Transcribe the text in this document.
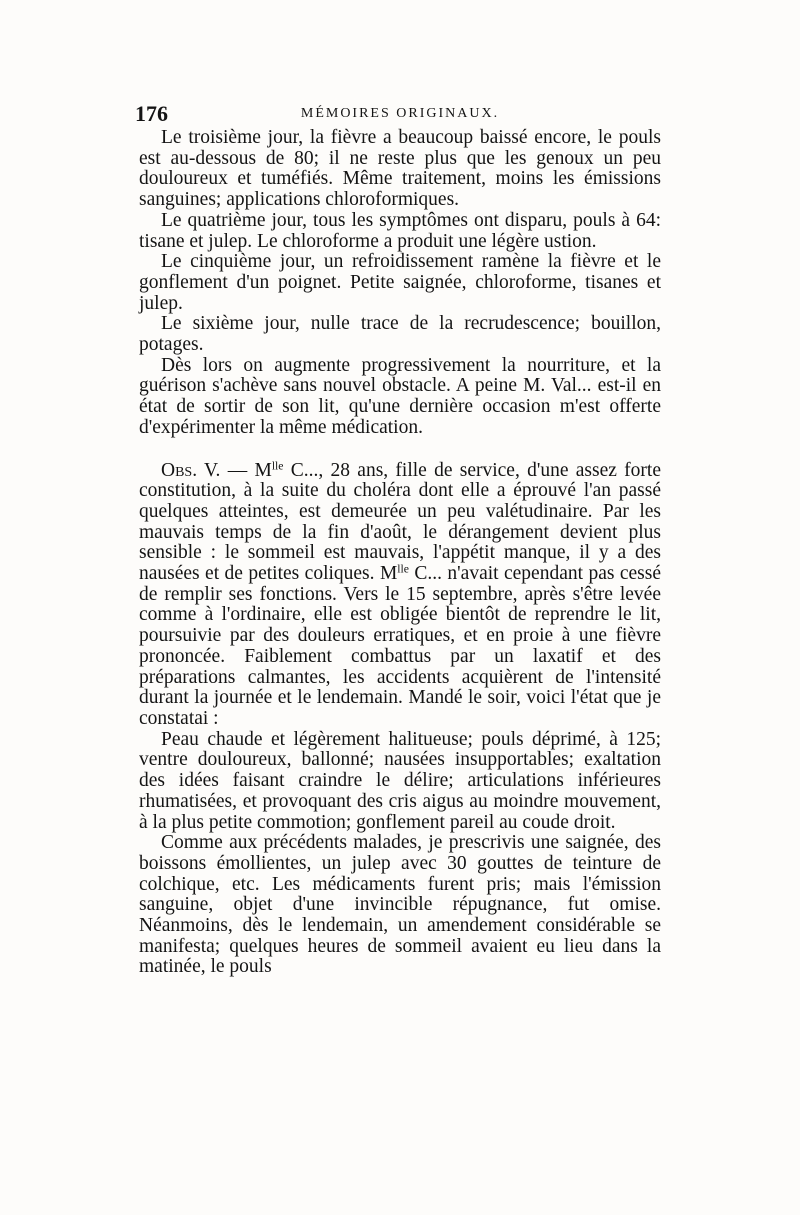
176	MÉMOIRES ORIGINAUX.

Le troisième jour, la fièvre a beaucoup baissé encore, le pouls est au-dessous de 80; il ne reste plus que les genoux un peu douloureux et tuméfiés. Même traitement, moins les émissions sanguines; applications chloroformiques.

Le quatrième jour, tous les symptômes ont disparu, pouls à 64: tisane et julep. Le chloroforme a produit une légère ustion.

Le cinquième jour, un refroidissement ramène la fièvre et le gonflement d'un poignet. Petite saignée, chloroforme, tisanes et julep.

Le sixième jour, nulle trace de la recrudescence; bouillon, potages.

Dès lors on augmente progressivement la nourriture, et la guérison s'achève sans nouvel obstacle. A peine M. Val... est-il en état de sortir de son lit, qu'une dernière occasion m'est offerte d'expérimenter la même médication.

Obs. V. — $M^{lle}$ C..., 28 ans, fille de service, d'une assez forte constitution, à la suite du choléra dont elle a éprouvé l'an passé quelques atteintes, est demeurée un peu valétudinaire. Par les mauvais temps de la fin d'août, le dérangement devient plus sensible : le sommeil est mauvais, l'appétit manque, il y a des nausées et de petites coliques. $M^{lle}$ C... n'avait cependant pas cessé de remplir ses fonctions. Vers le 15 septembre, après s'être levée comme à l'ordinaire, elle est obligée bientôt de reprendre le lit, poursuivie par des douleurs erratiques, et en proie à une fièvre prononcée. Faiblement combattus par un laxatif et des préparations calmantes, les accidents acquièrent de l'intensité durant la journée et le lendemain. Mandé le soir, voici l'état que je constatai :

Peau chaude et légèrement halitueuse; pouls déprimé, à 125; ventre douloureux, ballonné; nausées insupportables; exaltation des idées faisant craindre le délire; articulations inférieures rhumatisées, et provoquant des cris aigus au moindre mouvement, à la plus petite commotion; gonflement pareil au coude droit.

Comme aux précédents malades, je prescrivis une saignée, des boissons émollientes, un julep avec 30 gouttes de teinture de colchique, etc. Les médicaments furent pris; mais l'émission sanguine, objet d'une invincible répugnance, fut omise. Néanmoins, dès le lendemain, un amendement considérable se manifesta; quelques heures de sommeil avaient eu lieu dans la matinée, le pouls
